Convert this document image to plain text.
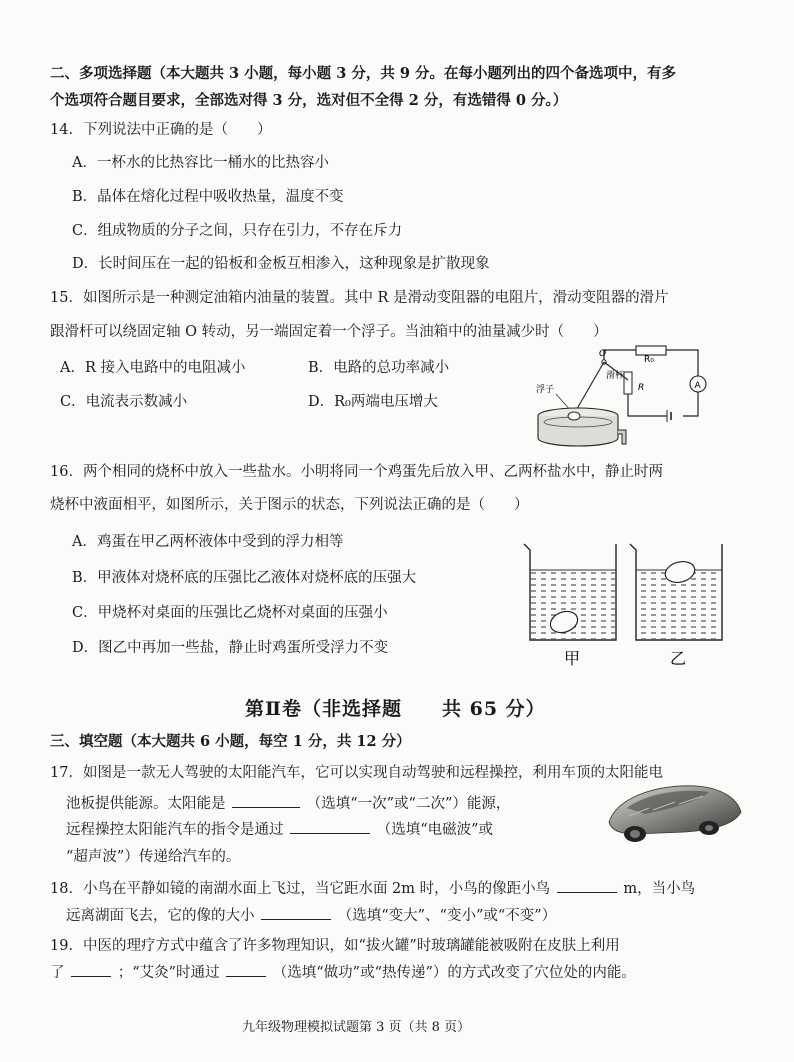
二、多项选择题（本大题共 3 小题，每小题 3 分，共 9 分。在每小题列出的四个备选项中，有多
个选项符合题目要求，全部选对得 3 分，选对但不全得 2 分，有选错得 0 分。）
14．下列说法中正确的是（　　）
A．一杯水的比热容比一桶水的比热容小
B．晶体在熔化过程中吸收热量，温度不变
C．组成物质的分子之间，只存在引力，不存在斥力
D．长时间压在一起的铅板和金板互相渗入，这种现象是扩散现象
15．如图所示是一种测定油箱内油量的装置。其中 R 是滑动变阻器的电阻片，滑动变阻器的滑片
跟滑杆可以绕固定轴 O 转动，另一端固定着一个浮子。当油箱中的油量减少时（　　）
A．R 接入电路中的电阻减小	B．电路的总功率减小
C．电流表示数减小	D．R₀两端电压增大
R₀
A
R
O
滑杆
浮子
16．两个相同的烧杯中放入一些盐水。小明将同一个鸡蛋先后放入甲、乙两杯盐水中，静止时两
烧杯中液面相平，如图所示，关于图示的状态，下列说法正确的是（　　）
A．鸡蛋在甲乙两杯液体中受到的浮力相等
B．甲液体对烧杯底的压强比乙液体对烧杯底的压强大
C．甲烧杯对桌面的压强比乙烧杯对桌面的压强小
D．图乙中再加一些盐，静止时鸡蛋所受浮力不变
甲	乙
第Ⅱ卷（非选择题　　共 65 分）
三、填空题（本大题共 6 小题，每空 1 分，共 12 分）
17．如图是一款无人驾驶的太阳能汽车，它可以实现自动驾驶和远程操控，利用车顶的太阳能电
池板提供能源。太阳能是	（选填“一次”或“二次”）能源，
远程操控太阳能汽车的指令是通过	（选填“电磁波”或
“超声波”）传递给汽车的。
18．小鸟在平静如镜的南湖水面上飞过，当它距水面 2m 时，小鸟的像距小鸟	m，当小鸟
远离湖面飞去，它的像的大小	（选填“变大”、“变小”或“不变”）
19．中医的理疗方式中蕴含了许多物理知识，如“拔火罐”时玻璃罐能被吸附在皮肤上利用
了	；“艾灸”时通过	（选填“做功”或“热传递”）的方式改变了穴位处的内能。
九年级物理模拟试题第 3 页（共 8 页）
